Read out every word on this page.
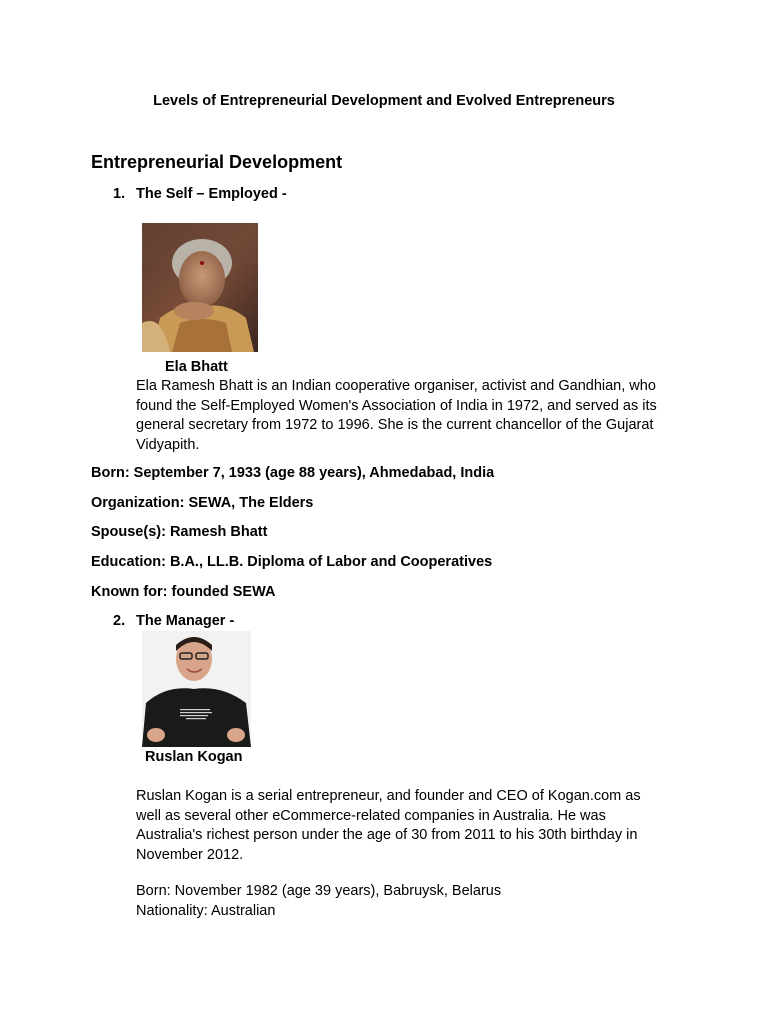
Levels of Entrepreneurial Development and Evolved Entrepreneurs
Entrepreneurial Development
1. The Self – Employed -
Ela Bhatt
Ela Ramesh Bhatt is an Indian cooperative organiser, activist and Gandhian, who
found the Self-Employed Women's Association of India in 1972, and served as its
general secretary from 1972 to 1996. She is the current chancellor of the Gujarat
Vidyapith.
Born: September 7, 1933 (age 88 years), Ahmedabad, India
Organization: SEWA, The Elders
Spouse(s): Ramesh Bhatt
Education: B.A., LL.B. Diploma of Labor and Cooperatives
Known for: founded SEWA
2. The Manager -
Ruslan Kogan
Ruslan Kogan is a serial entrepreneur, and founder and CEO of Kogan.com as
well as several other eCommerce-related companies in Australia. He was
Australia's richest person under the age of 30 from 2011 to his 30th birthday in
November 2012.
Born: November 1982 (age 39 years), Babruysk, Belarus
Nationality: Australian
